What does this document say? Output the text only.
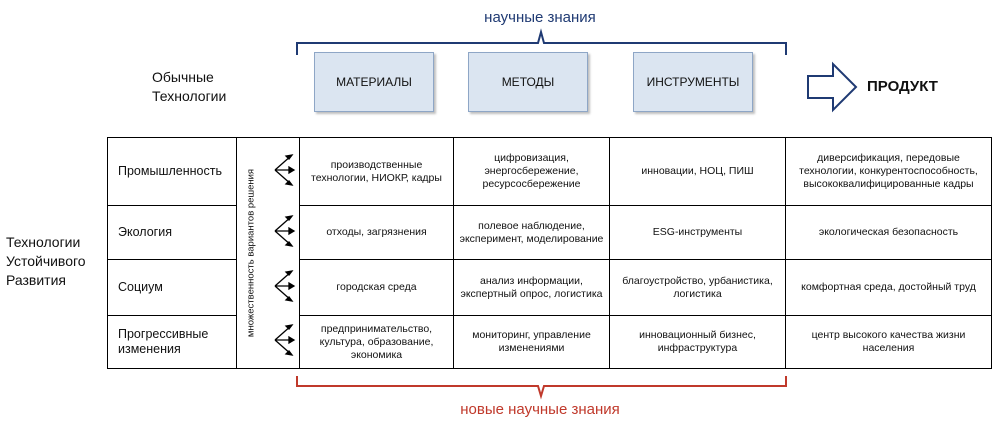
научные знания
новые научные знания
Обычные
Технологии
МАТЕРИАЛЫ	МЕТОДЫ	ИНСТРУМЕНТЫ	ПРОДУКТ
Технологии
Устойчивого
Развития
Промышленность		производственные технологии, НИОКР, кадры	цифровизация, энергосбережение, ресурсосбережение	инновации, НОЦ, ПИШ	диверсификация, передовые технологии, конкурентоспособность, высококвалифицированные кадры
Экология		отходы, загрязнения	полевое наблюдение, эксперимент, моделирование	ESG-инструменты	экологическая безопасность
Социум		городская среда	анализ информации, экспертный опрос, логистика	благоустройство, урбанистика, логистика	комфортная среда, достойный труд
Прогрессивные изменения		предпринимательство, культура, образование, экономика	мониторинг, управление изменениями	инновационный бизнес, инфраструктура	центр высокого качества жизни населения
множественность вариантов решения
